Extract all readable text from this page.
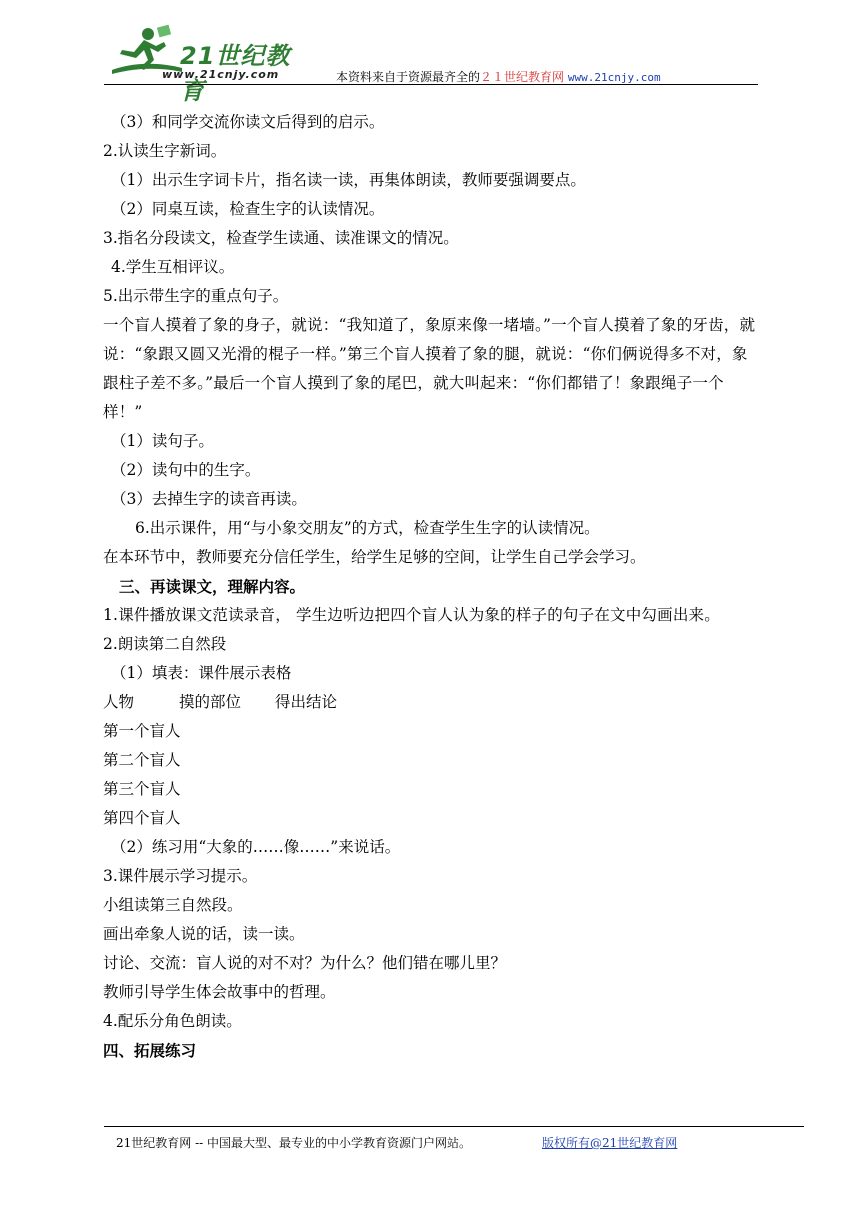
21世纪教育
www.21cnjy.com	本资料来自于资源最齐全的２１世纪教育网 www.21cnjy.com
（3）和同学交流你读文后得到的启示。
2.认读生字新词。
（1）出示生字词卡片，指名读一读，再集体朗读，教师要强调要点。
（2）同桌互读，检查生字的认读情况。
3.指名分段读文，检查学生读通、读准课文的情况。
4.学生互相评议。
5.出示带生字的重点句子。
一个盲人摸着了象的身子，就说：“我知道了，象原来像一堵墙。”一个盲人摸着了象的牙齿，就说：“象跟又圆又光滑的棍子一样。”第三个盲人摸着了象的腿，就说：“你们俩说得多不对，象跟柱子差不多。”最后一个盲人摸到了象的尾巴，就大叫起来：“你们都错了！象跟绳子一个样！”
（1）读句子。
（2）读句中的生字。
（3）去掉生字的读音再读。
6.出示课件，用“与小象交朋友”的方式，检查学生生字的认读情况。
在本环节中，教师要充分信任学生，给学生足够的空间，让学生自己学会学习。
三、再读课文，理解内容。
1.课件播放课文范读录音， 学生边听边把四个盲人认为象的样子的句子在文中勾画出来。
2.朗读第二自然段
（1）填表：课件展示表格
人物	摸的部位 得出结论
第一个盲人
第二个盲人
第三个盲人
第四个盲人
（2）练习用“大象的……像……”来说话。
3.课件展示学习提示。
小组读第三自然段。
画出牵象人说的话，读一读。
讨论、交流：盲人说的对不对？为什么？他们错在哪儿里？
教师引导学生体会故事中的哲理。
4.配乐分角色朗读。
四、拓展练习
21世纪教育网 -- 中国最大型、最专业的中小学教育资源门户网站。	版权所有@21世纪教育网
